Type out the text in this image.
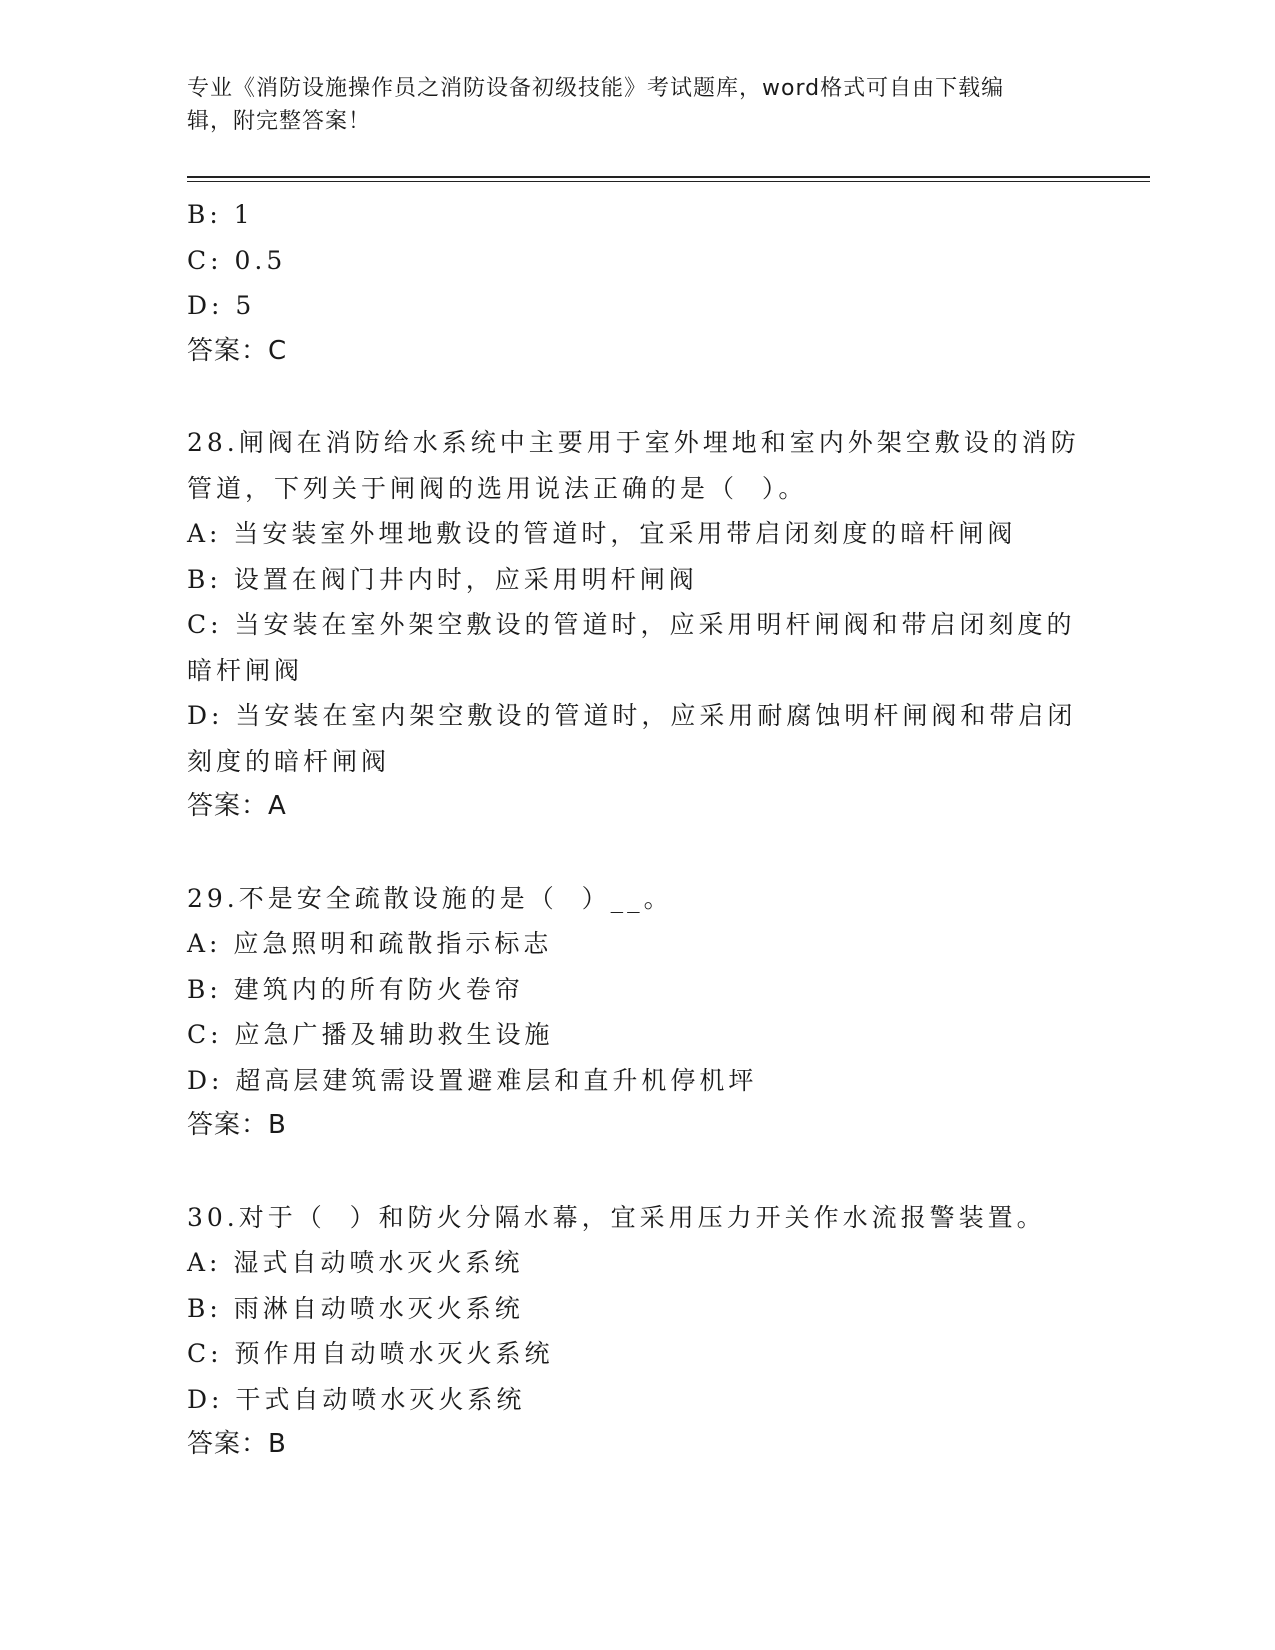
专业《消防设施操作员之消防设备初级技能》考试题库，word格式可自由下载编
辑，附完整答案！

B: 1

C: 0.5

D: 5

答案：C

28.闸阀在消防给水系统中主要用于室外埋地和室内外架空敷设的消防

管道，下列关于闸阀的选用说法正确的是（  ）。

A: 当安装室外埋地敷设的管道时，宜采用带启闭刻度的暗杆闸阀

B: 设置在阀门井内时，应采用明杆闸阀

C: 当安装在室外架空敷设的管道时，应采用明杆闸阀和带启闭刻度的

暗杆闸阀

D: 当安装在室内架空敷设的管道时，应采用耐腐蚀明杆闸阀和带启闭

刻度的暗杆闸阀

答案：A

29.不是安全疏散设施的是（  ）__。

A: 应急照明和疏散指示标志

B: 建筑内的所有防火卷帘

C: 应急广播及辅助救生设施

D: 超高层建筑需设置避难层和直升机停机坪

答案：B

30.对于（  ）和防火分隔水幕，宜采用压力开关作水流报警装置。

A: 湿式自动喷水灭火系统

B: 雨淋自动喷水灭火系统

C: 预作用自动喷水灭火系统

D: 干式自动喷水灭火系统

答案：B
